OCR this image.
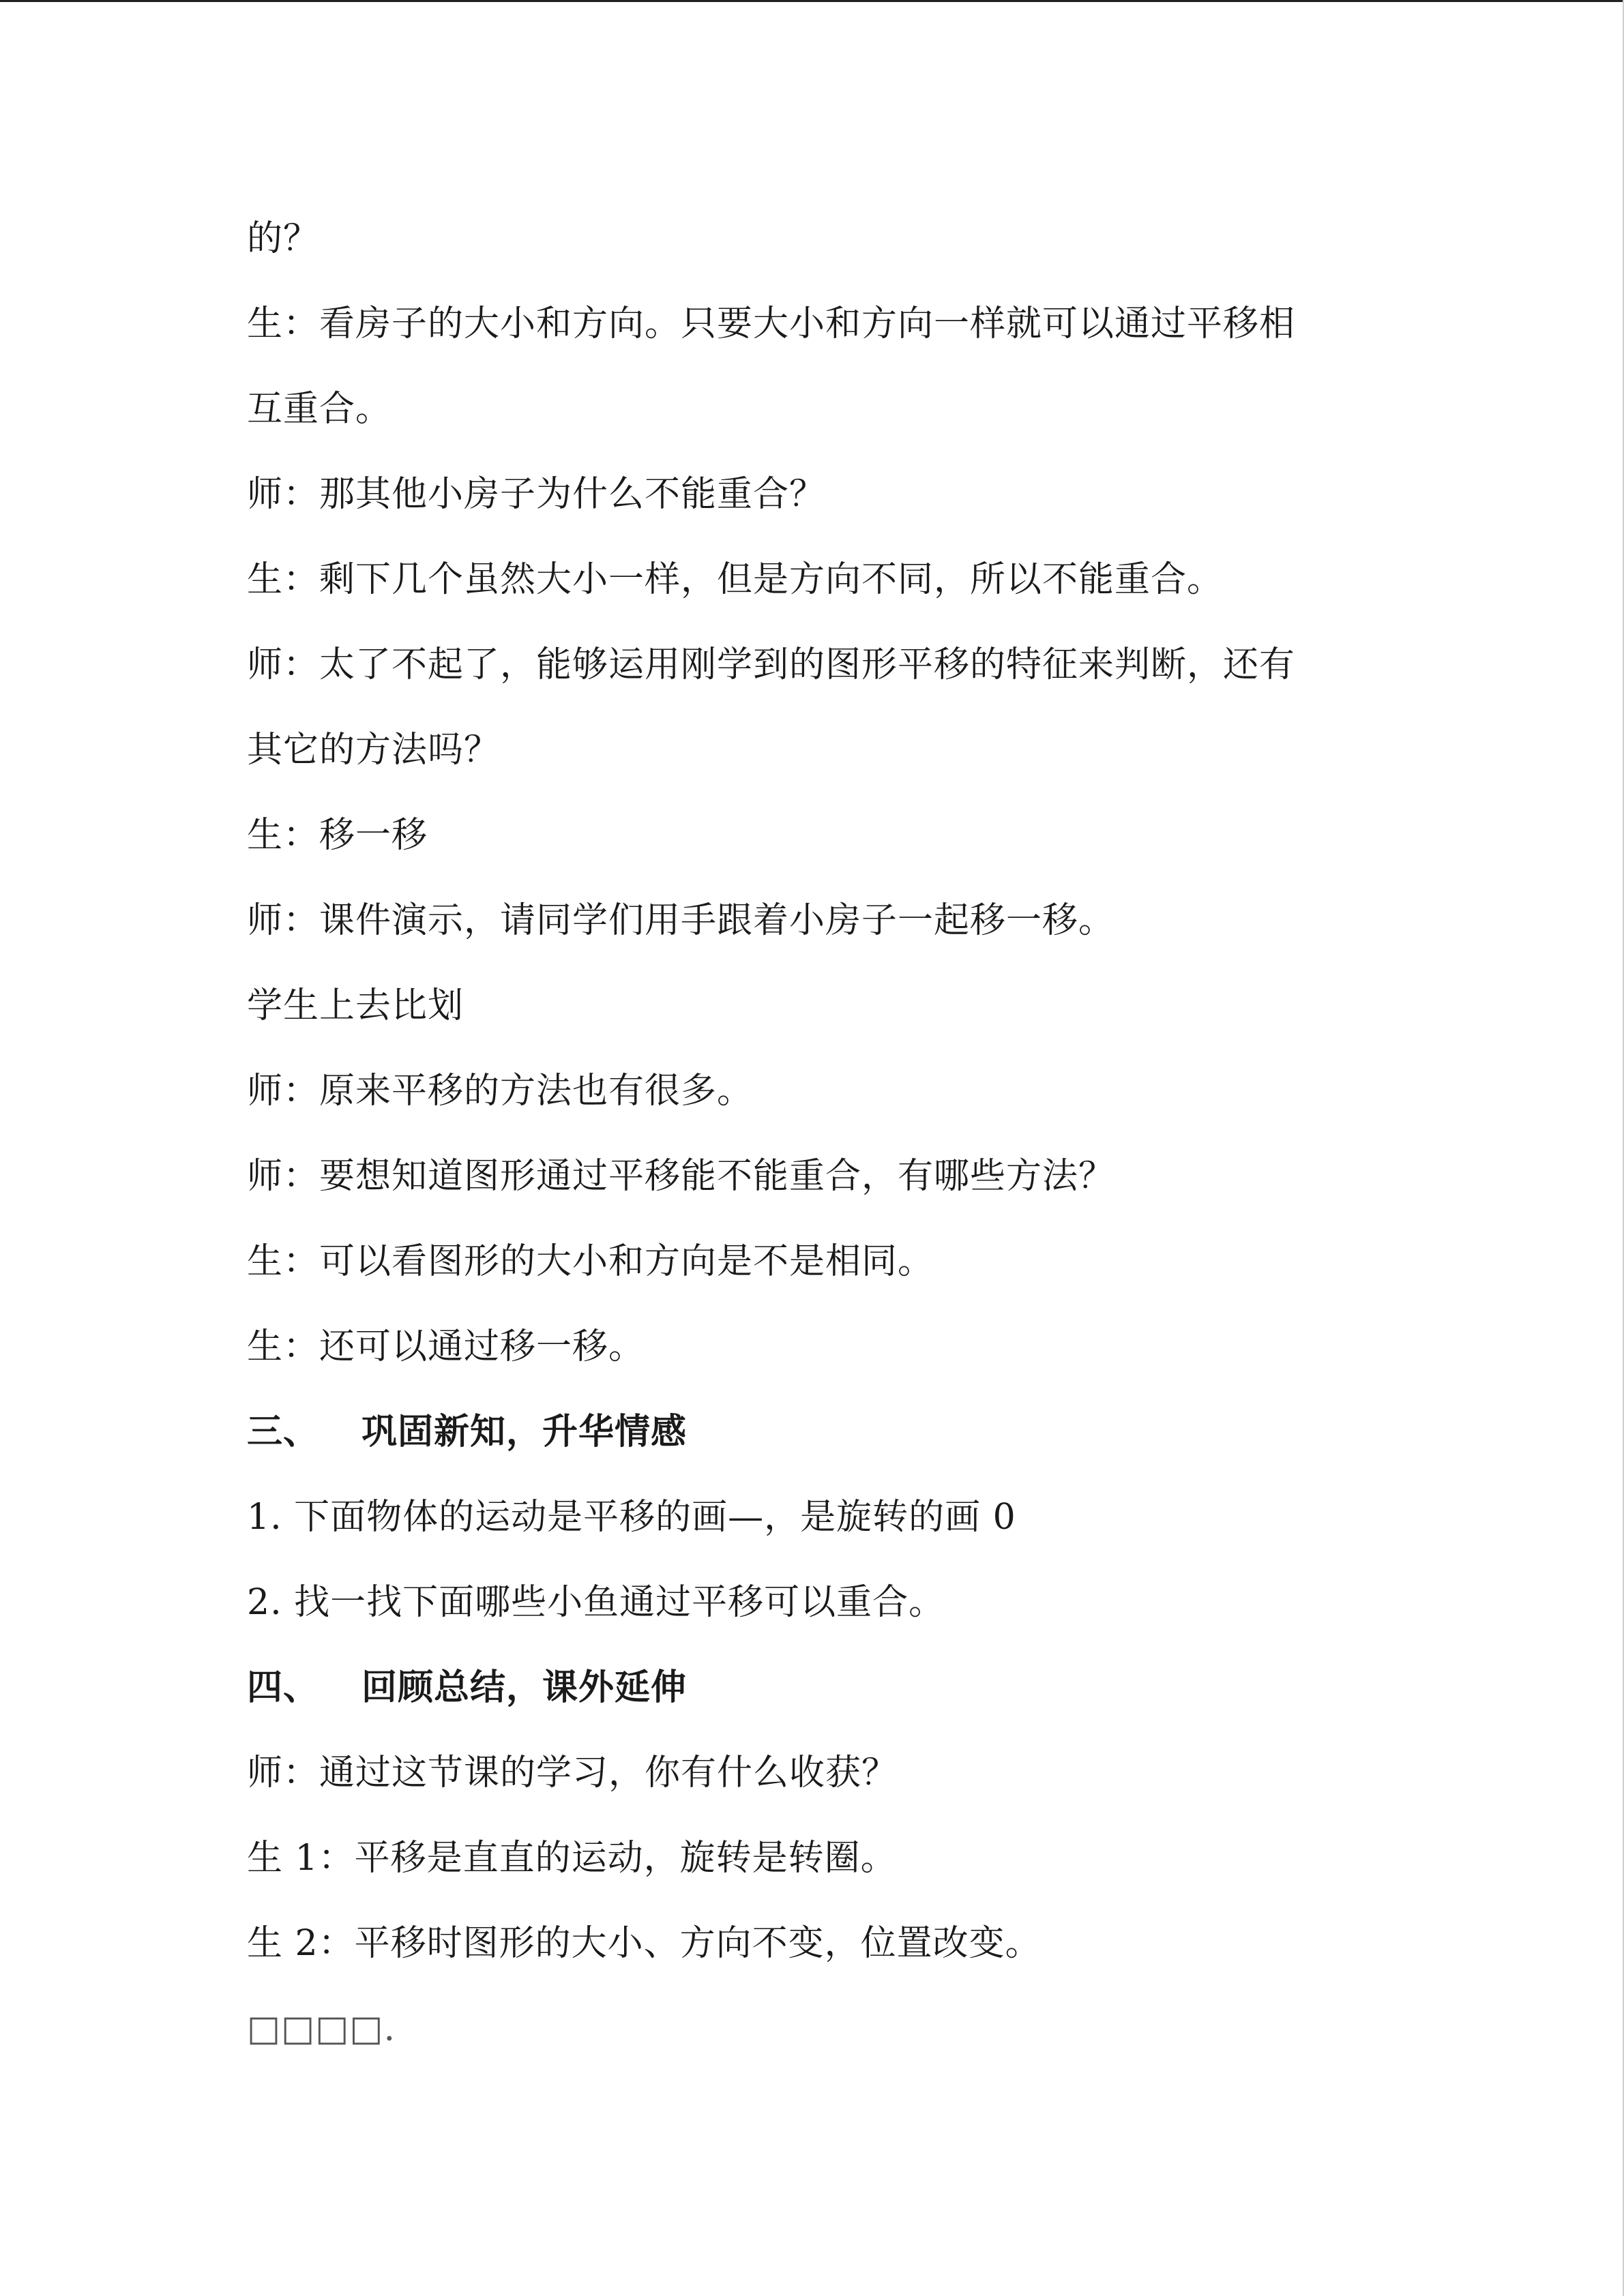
的？
生：看房子的大小和方向。只要大小和方向一样就可以通过平移相
互重合。
师：那其他小房子为什么不能重合？
生：剩下几个虽然大小一样，但是方向不同，所以不能重合。
师：太了不起了，能够运用刚学到的图形平移的特征来判断，还有
其它的方法吗？
生：移一移
师：课件演示，请同学们用手跟着小房子一起移一移。
学生上去比划
师：原来平移的方法也有很多。
师：要想知道图形通过平移能不能重合，有哪些方法？
生：可以看图形的大小和方向是不是相同。
生：还可以通过移一移。
三、 巩固新知，升华情感
1. 下面物体的运动是平移的画—，是旋转的画 0
2. 找一找下面哪些小鱼通过平移可以重合。
四、 回顾总结，课外延伸
师：通过这节课的学习，你有什么收获？
生 1：平移是直直的运动，旋转是转圈。
生 2：平移时图形的大小、方向不变，位置改变。
□□□□.
